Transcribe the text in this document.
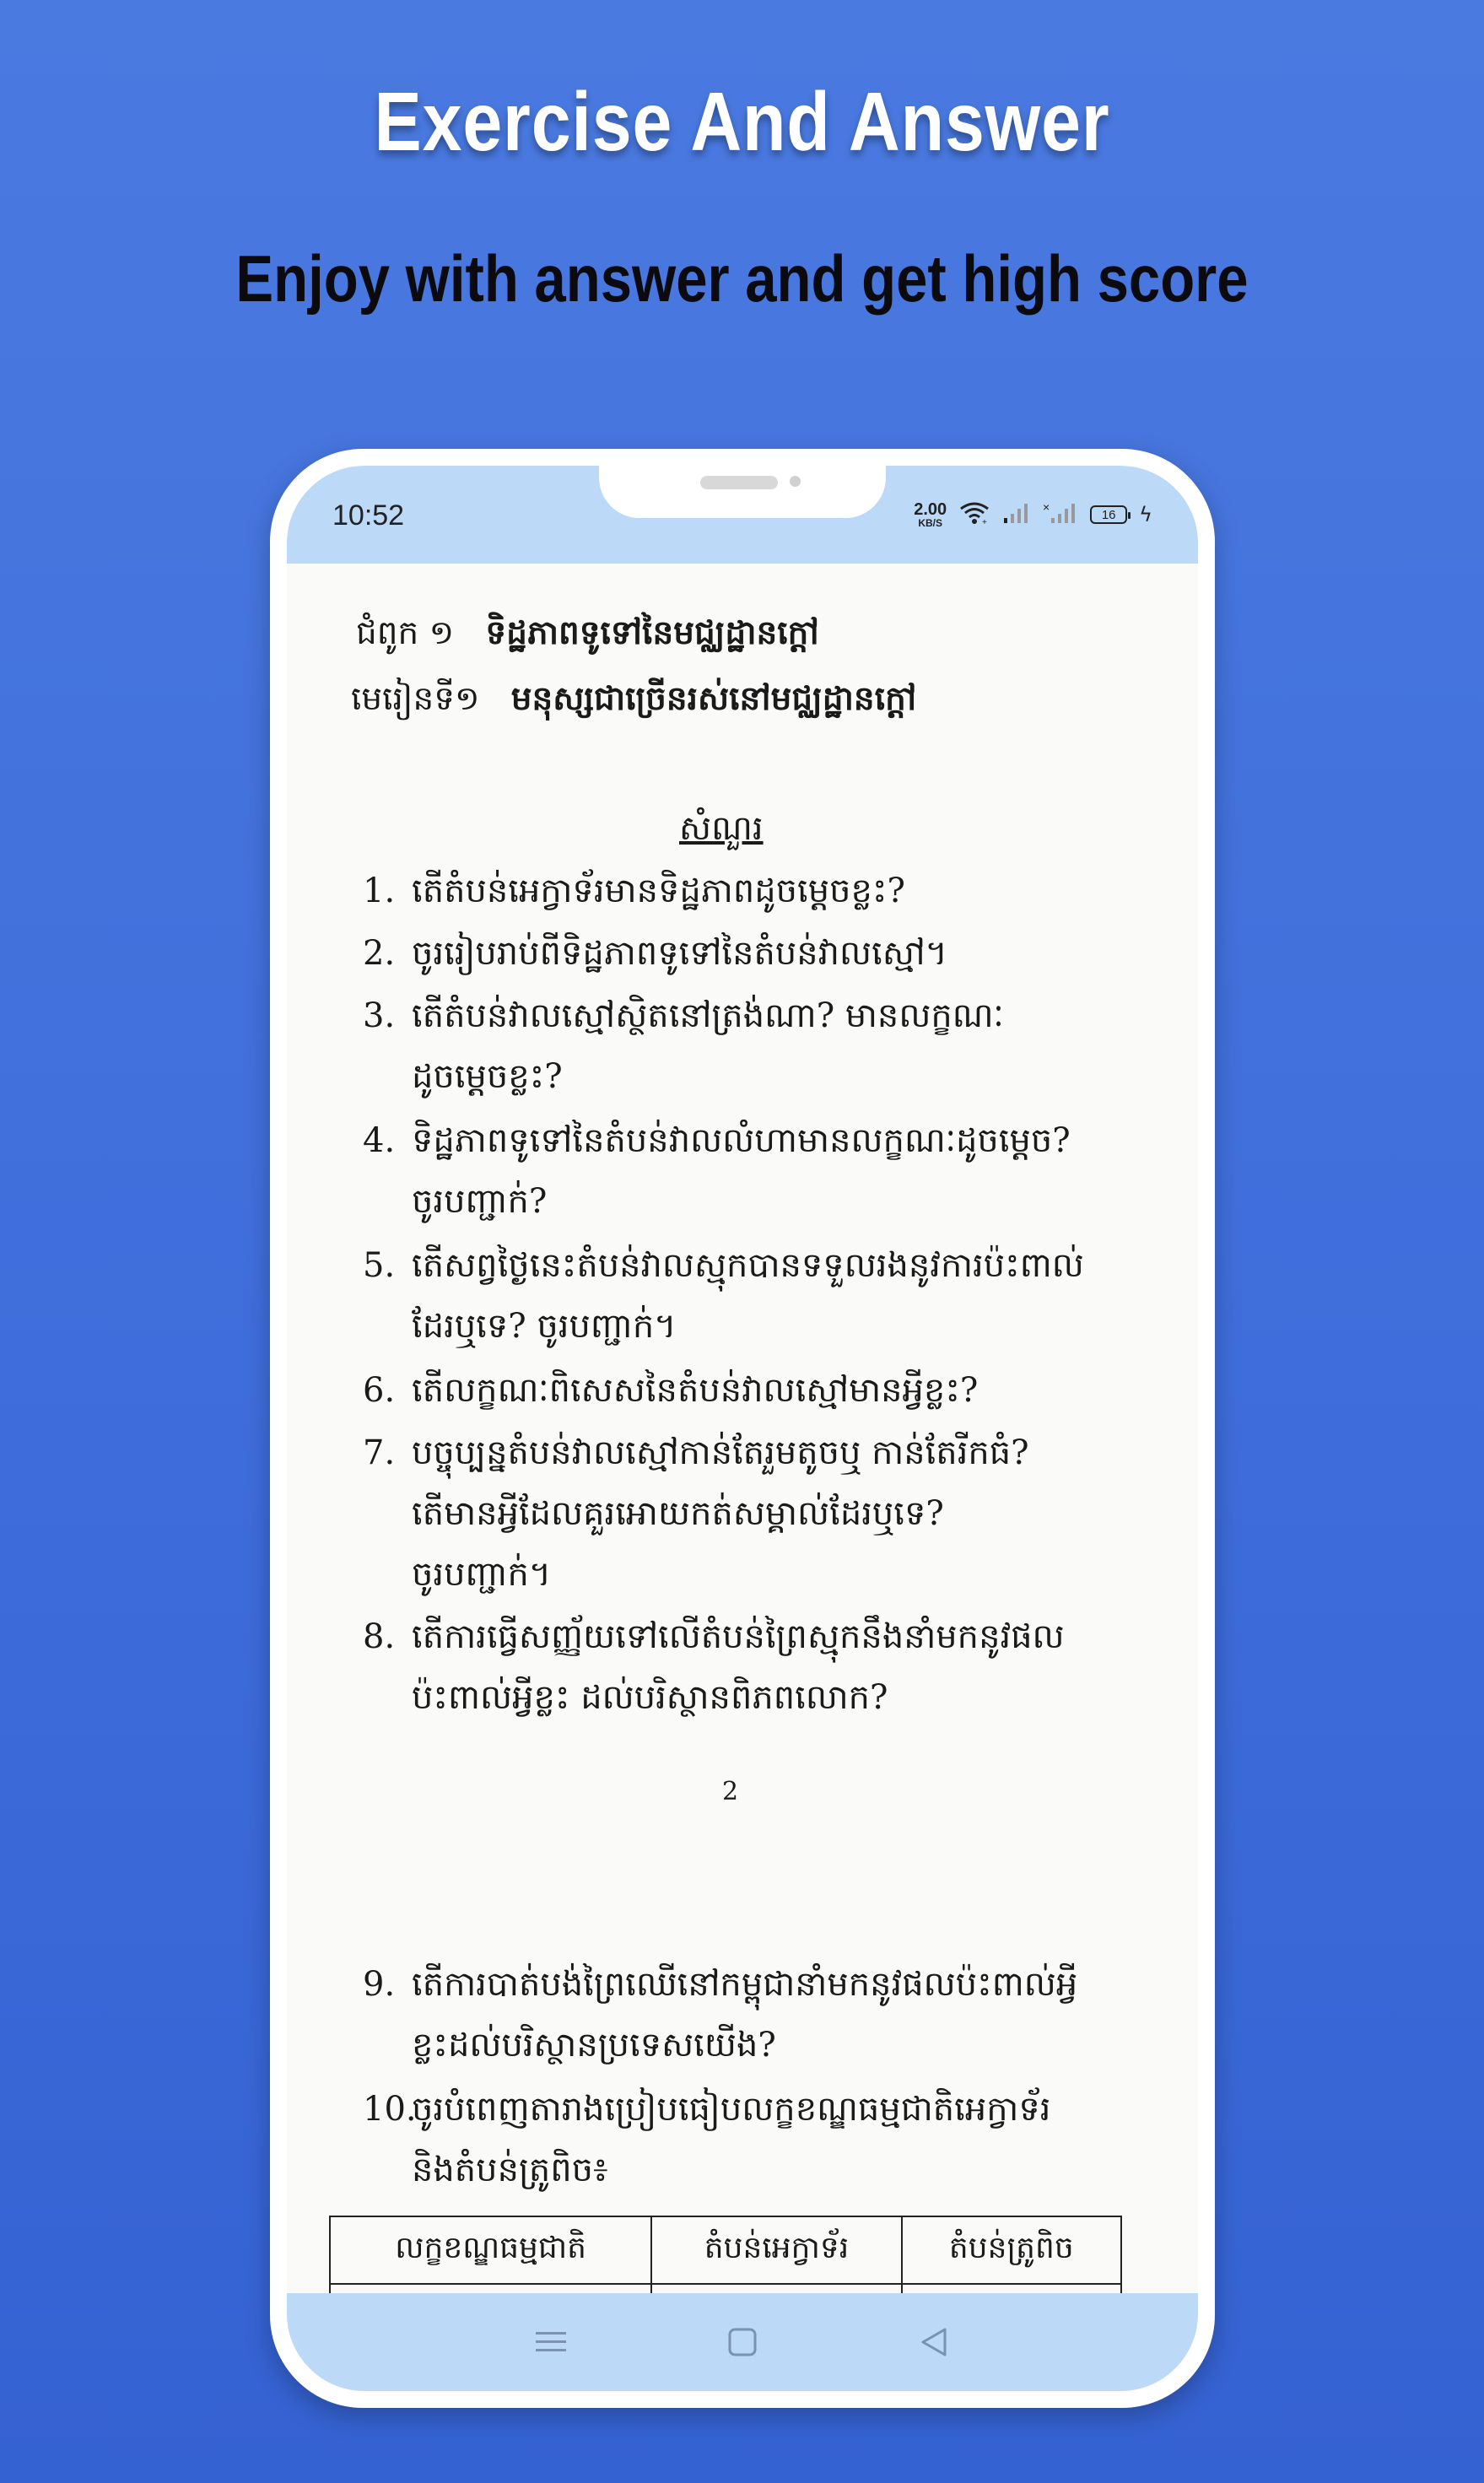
Exercise And Answer
Enjoy with answer and get high score
10:52	2.00
KB/S	+
×
16	ϟ
ជំពូក ១ ទិដ្ឋភាពទូទៅនៃមជ្ឈដ្ឋានក្តៅ
មេរៀនទី១ មនុស្សជាច្រើនរស់នៅមជ្ឈដ្ឋានក្តៅ
សំណួរ
1. តើតំបន់អេក្វាទ័រមានទិដ្ឋភាពដូចម្តេចខ្លះ?
2. ចូររៀបរាប់ពីទិដ្ឋភាពទូទៅនៃតំបន់វាលស្មៅ។
3. តើតំបន់វាលស្មៅស្ថិតនៅត្រង់ណា? មានលក្ខណៈ
ដូចម្តេចខ្លះ?
4. ទិដ្ឋភាពទូទៅនៃតំបន់វាលលំហាមានលក្ខណៈដូចម្តេច?
ចូរបញ្ជាក់?
5. តើសព្វថ្ងៃនេះតំបន់វាលស្មុកបានទទួលរងនូវការប៉ះពាល់
ដែរឬទេ? ចូរបញ្ជាក់។
6. តើលក្ខណៈពិសេសនៃតំបន់វាលស្មៅមានអ្វីខ្លះ?
7. បច្ចុប្បន្នតំបន់វាលស្មៅកាន់តែរួមតូចឬ កាន់តែរីកធំ?
តើមានអ្វីដែលគួរអោយកត់សម្គាល់ដែរឬទេ?
ចូរបញ្ជាក់។
8. តើការធ្វើសញ្ញ័យទៅលើតំបន់ព្រៃស្មុកនឹងនាំមកនូវផល
ប៉ះពាល់អ្វីខ្លះ ដល់បរិស្ថានពិភពលោក?
2
9. តើការបាត់បង់ព្រៃឈើនៅកម្ពុជានាំមកនូវផលប៉ះពាល់អ្វី
ខ្លះដល់បរិស្ថានប្រទេសយើង?
10.ចូរបំពេញតារាងប្រៀបធៀបលក្ខខណ្ឌធម្មជាតិអេក្វាទ័រ
និងតំបន់ត្រូពិច៖
លក្ខខណ្ឌធម្មជាតិ	តំបន់អេក្វាទ័រ	តំបន់ត្រូពិច
